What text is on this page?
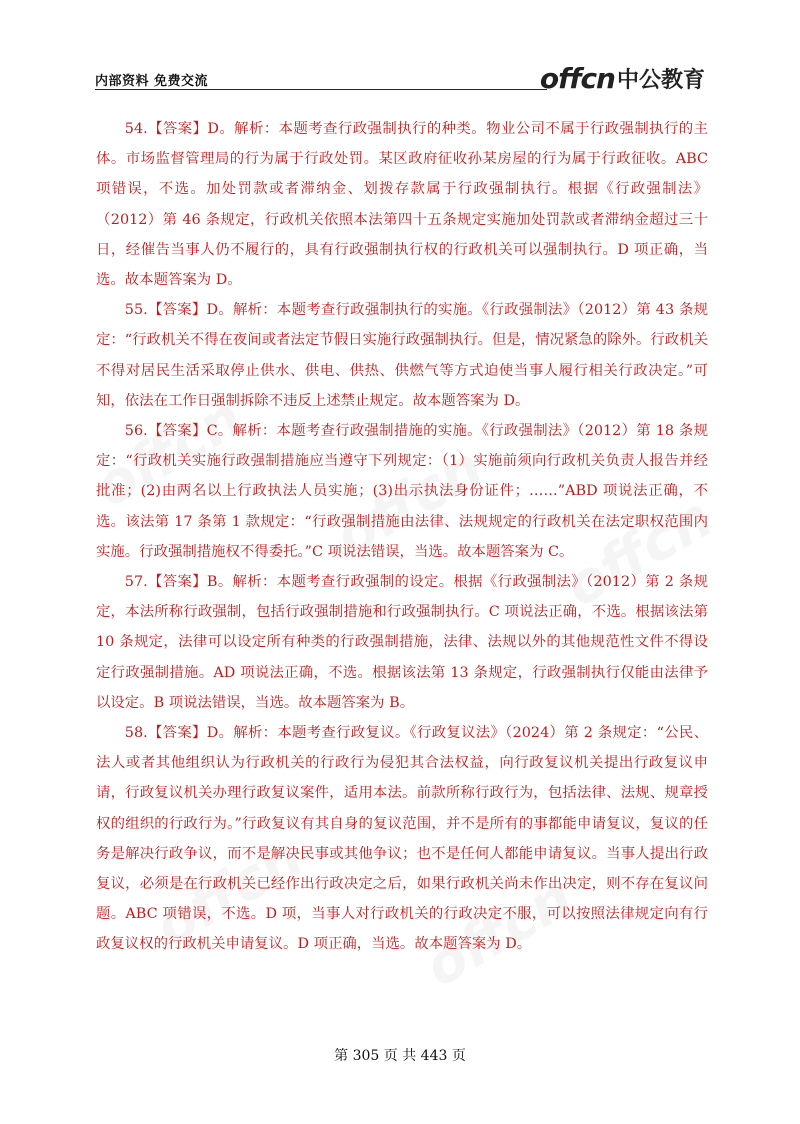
内部资料 免费交流	offcn 中公教育

54.【答案】D。解析：本题考查行政强制执行的种类。物业公司不属于行政强制执行的主体。市场监督管理局的行为属于行政处罚。某区政府征收孙某房屋的行为属于行政征收。ABC 项错误，不选。加处罚款或者滞纳金、划拨存款属于行政强制执行。根据《行政强制法》（2012）第 46 条规定，行政机关依照本法第四十五条规定实施加处罚款或者滞纳金超过三十日，经催告当事人仍不履行的，具有行政强制执行权的行政机关可以强制执行。D 项正确，当选。故本题答案为 D。

55.【答案】D。解析：本题考查行政强制执行的实施。《行政强制法》（2012）第 43 条规定：“行政机关不得在夜间或者法定节假日实施行政强制执行。但是，情况紧急的除外。行政机关不得对居民生活采取停止供水、供电、供热、供燃气等方式迫使当事人履行相关行政决定。”可知，依法在工作日强制拆除不违反上述禁止规定。故本题答案为 D。

56.【答案】C。解析：本题考查行政强制措施的实施。《行政强制法》（2012）第 18 条规定：“行政机关实施行政强制措施应当遵守下列规定：（1）实施前须向行政机关负责人报告并经批准；(2)由两名以上行政执法人员实施；(3)出示执法身份证件；……”ABD 项说法正确，不选。该法第 17 条第 1 款规定：“行政强制措施由法律、法规规定的行政机关在法定职权范围内实施。行政强制措施权不得委托。”C 项说法错误，当选。故本题答案为 C。

57.【答案】B。解析：本题考查行政强制的设定。根据《行政强制法》（2012）第 2 条规定，本法所称行政强制，包括行政强制措施和行政强制执行。C 项说法正确，不选。根据该法第 10 条规定，法律可以设定所有种类的行政强制措施，法律、法规以外的其他规范性文件不得设定行政强制措施。AD 项说法正确，不选。根据该法第 13 条规定，行政强制执行仅能由法律予以设定。B 项说法错误，当选。故本题答案为 B。

58.【答案】D。解析：本题考查行政复议。《行政复议法》（2024）第 2 条规定：“公民、法人或者其他组织认为行政机关的行政行为侵犯其合法权益，向行政复议机关提出行政复议申请，行政复议机关办理行政复议案件，适用本法。前款所称行政行为，包括法律、法规、规章授权的组织的行政行为。”行政复议有其自身的复议范围，并不是所有的事都能申请复议，复议的任务是解决行政争议，而不是解决民事或其他争议；也不是任何人都能申请复议。当事人提出行政复议，必须是在行政机关已经作出行政决定之后，如果行政机关尚未作出决定，则不存在复议问题。ABC 项错误，不选。D 项，当事人对行政机关的行政决定不服，可以按照法律规定向有行政复议权的行政机关申请复议。D 项正确，当选。故本题答案为 D。

第 305 页 共 443 页
